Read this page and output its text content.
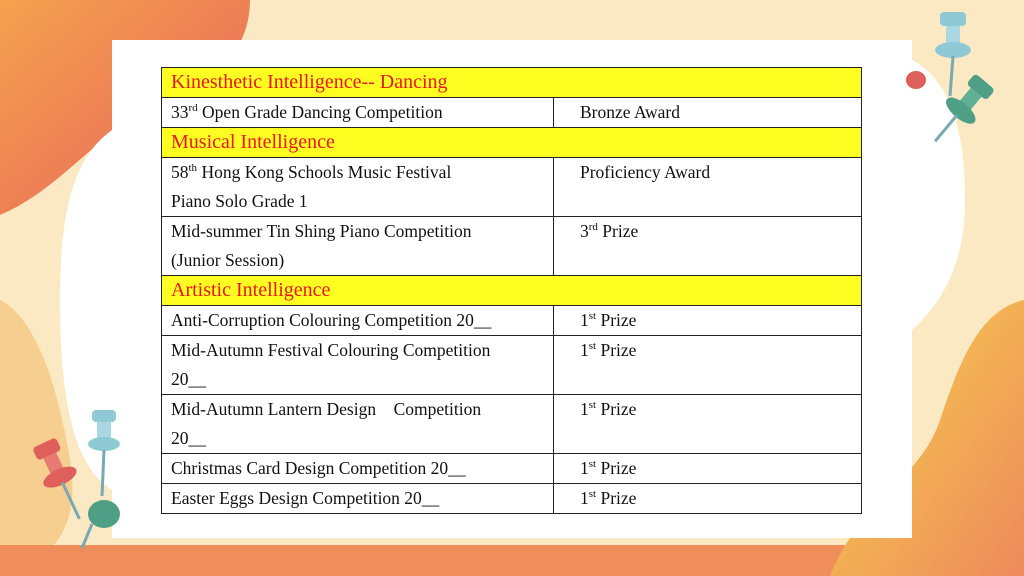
Kinesthetic Intelligence-- Dancing	

33rd Open Grade Dancing Competition	Bronze Award
Musical Intelligence	

58th Hong Kong Schools Music Festival
Piano Solo Grade 1	Proficiency Award

Mid-summer Tin Shing Piano Competition
(Junior Session)	3rd Prize
Artistic Intelligence	

Anti-Corruption Colouring Competition 20__	1st Prize

Mid-Autumn Festival Colouring Competition
20__	1st Prize

Mid-Autumn Lantern Design    Competition
20__	1st Prize

Christmas Card Design Competition 20__	1st Prize

Easter Eggs Design Competition 20__	1st Prize
